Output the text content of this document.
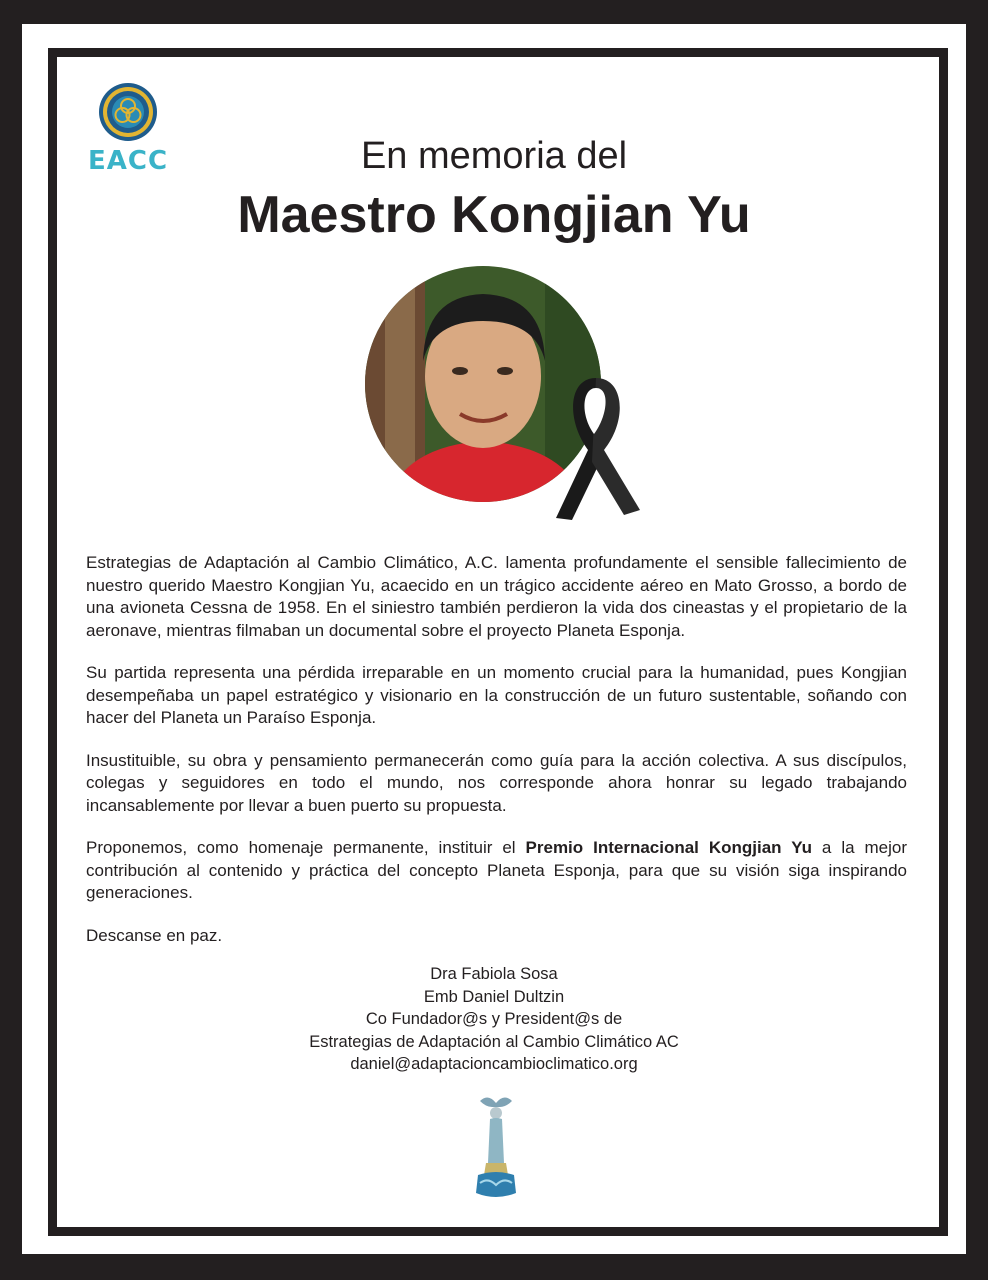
EACC	En memoria del
Maestro Kongjian Yu

Estrategias de Adaptación al Cambio Climático, A.C. lamenta profundamente el sensible fallecimiento de nuestro querido Maestro Kongjian Yu, acaecido en un trágico accidente aéreo en Mato Grosso, a bordo de una avioneta Cessna de 1958. En el siniestro también perdieron la vida dos cineastas y el propietario de la aeronave, mientras filmaban un documental sobre el proyecto Planeta Esponja.

Su partida representa una pérdida irreparable en un momento crucial para la humanidad, pues Kongjian desempeñaba un papel estratégico y visionario en la construcción de un futuro sustentable, soñando con hacer del Planeta un Paraíso Esponja.

Insustituible, su obra y pensamiento permanecerán como guía para la acción colectiva. A sus discípulos, colegas y seguidores en todo el mundo, nos corresponde ahora honrar su legado trabajando incansablemente por llevar a buen puerto su propuesta.

Proponemos, como homenaje permanente, instituir el Premio Internacional Kongjian Yu a la mejor contribución al contenido y práctica del concepto Planeta Esponja, para que su visión siga inspirando generaciones.

Descanse en paz.

Dra Fabiola Sosa
Emb Daniel Dultzin
Co Fundador@s y President@s de
Estrategias de Adaptación al Cambio Climático AC
daniel@adaptacioncambioclimatico.org
